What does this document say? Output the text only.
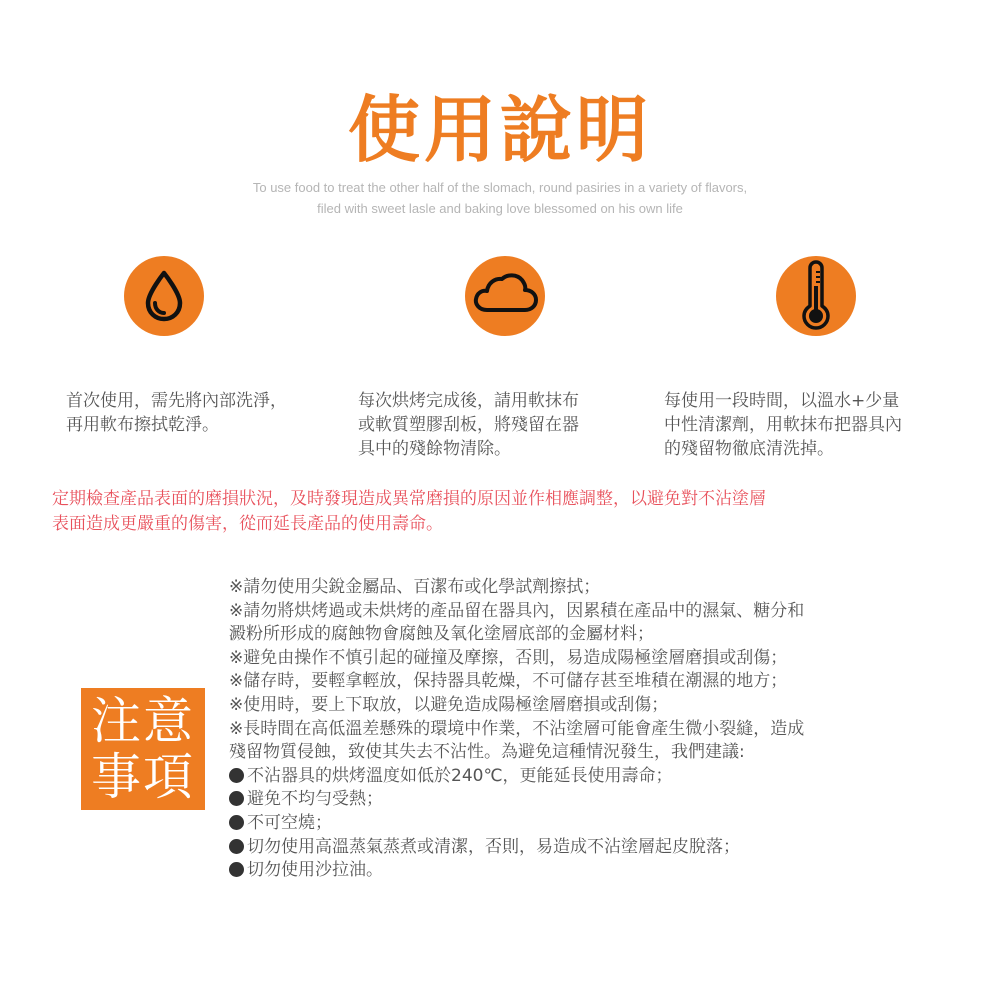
使用說明
To use food to treat the other half of the slomach, round pasiries in a variety of flavors,
filed with sweet lasle and baking love blessomed on his own life
首次使用，需先將內部洗淨，
再用軟布擦拭乾淨。
每次烘烤完成後，請用軟抹布
或軟質塑膠刮板，將殘留在器
具中的殘餘物清除。
每使用一段時間，以溫水+少量
中性清潔劑，用軟抹布把器具內
的殘留物徹底清洗掉。
定期檢查產品表面的磨損狀況，及時發現造成異常磨損的原因並作相應調整，以避免對不沾塗層
表面造成更嚴重的傷害，從而延長產品的使用壽命。
注意
事項
※請勿使用尖銳金屬品、百潔布或化學試劑擦拭；
※請勿將烘烤過或未烘烤的產品留在器具內，因累積在產品中的濕氣、糖分和
澱粉所形成的腐蝕物會腐蝕及氧化塗層底部的金屬材料；
※避免由操作不慎引起的碰撞及摩擦，否則，易造成陽極塗層磨損或刮傷；
※儲存時，要輕拿輕放，保持器具乾燥，不可儲存甚至堆積在潮濕的地方；
※使用時，要上下取放，以避免造成陽極塗層磨損或刮傷；
※長時間在高低溫差懸殊的環境中作業，不沾塗層可能會產生微小裂縫，造成
殘留物質侵蝕，致使其失去不沾性。為避免這種情況發生，我們建議:
不沾器具的烘烤溫度如低於240℃，更能延長使用壽命；
避免不均勻受熱；
不可空燒；
切勿使用高溫蒸氣蒸煮或清潔，否則，易造成不沾塗層起皮脫落；
切勿使用沙拉油。
